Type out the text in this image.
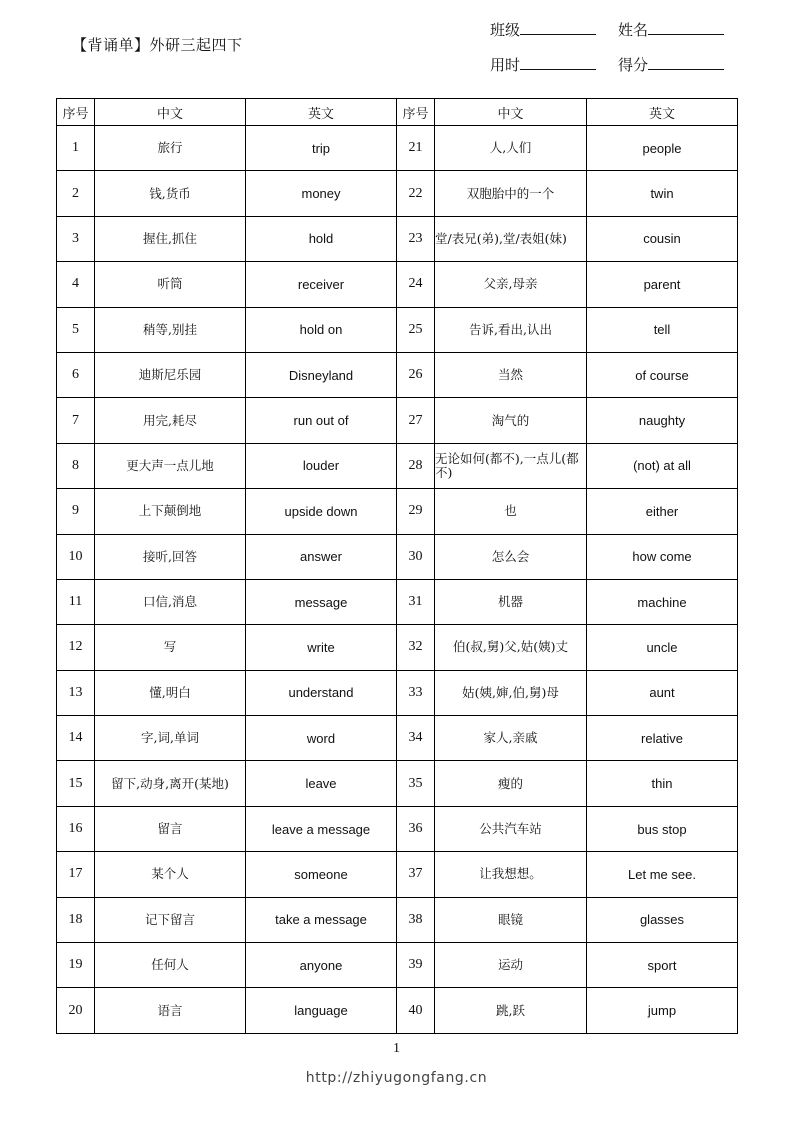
【背诵单】外研三起四下
班级	姓名
用时	得分
序号	中文	英文	序号	中文	英文
1	旅行	trip	21	人,人们	people
2	钱,货币	money	22	双胞胎中的一个	twin
3	握住,抓住	hold	23	堂/表兄(弟),堂/表姐(妹)	cousin
4	听筒	receiver	24	父亲,母亲	parent
5	稍等,别挂	hold on	25	告诉,看出,认出	tell
6	迪斯尼乐园	Disneyland	26	当然	of course
7	用完,耗尽	run out of	27	淘气的	naughty
8	更大声一点儿地	louder	28	无论如何(都不),一点儿(都不)	(not) at all
9	上下颠倒地	upside down	29	也	either
10	接听,回答	answer	30	怎么会	how come
11	口信,消息	message	31	机器	machine
12	写	write	32	伯(叔,舅)父,姑(姨)丈	uncle
13	懂,明白	understand	33	姑(姨,婶,伯,舅)母	aunt
14	字,词,单词	word	34	家人,亲戚	relative
15	留下,动身,离开(某地)	leave	35	瘦的	thin
16	留言	leave a message	36	公共汽车站	bus stop
17	某个人	someone	37	让我想想。	Let me see.
18	记下留言	take a message	38	眼镜	glasses
19	任何人	anyone	39	运动	sport
20	语言	language	40	跳,跃	jump
1
http://zhiyugongfang.cn
